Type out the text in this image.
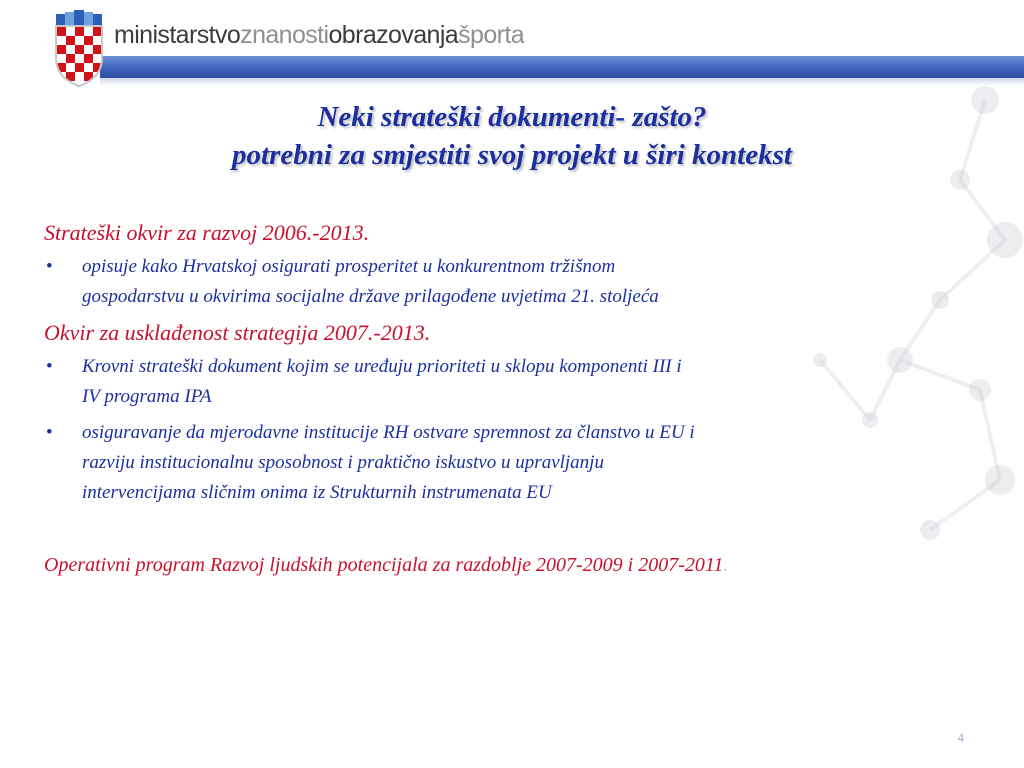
ministarstvoznanostiobrazovanjašporta
Neki strateški dokumenti- zašto?
potrebni za smjestiti svoj projekt u širi kontekst

Strateški okvir za razvoj 2006.-2013.

• opisuje kako Hrvatskoj osigurati prosperitet u konkurentnom tržišnom
gospodarstvu u okvirima socijalne države prilagođene uvjetima 21. stoljeća

Okvir za usklađenost strategija 2007.-2013.

• Krovni strateški dokument kojim se uređuju prioriteti u sklopu komponenti III i
IV programa IPA
• osiguravanje da mjerodavne institucije RH ostvare spremnost za članstvo u EU i
razviju institucionalnu sposobnost i praktično iskustvo u upravljanju
intervencijama sličnim onima iz Strukturnih instrumenata EU

Operativni program Razvoj ljudskih potencijala za razdoblje 2007-2009 i 2007-2011.

4
